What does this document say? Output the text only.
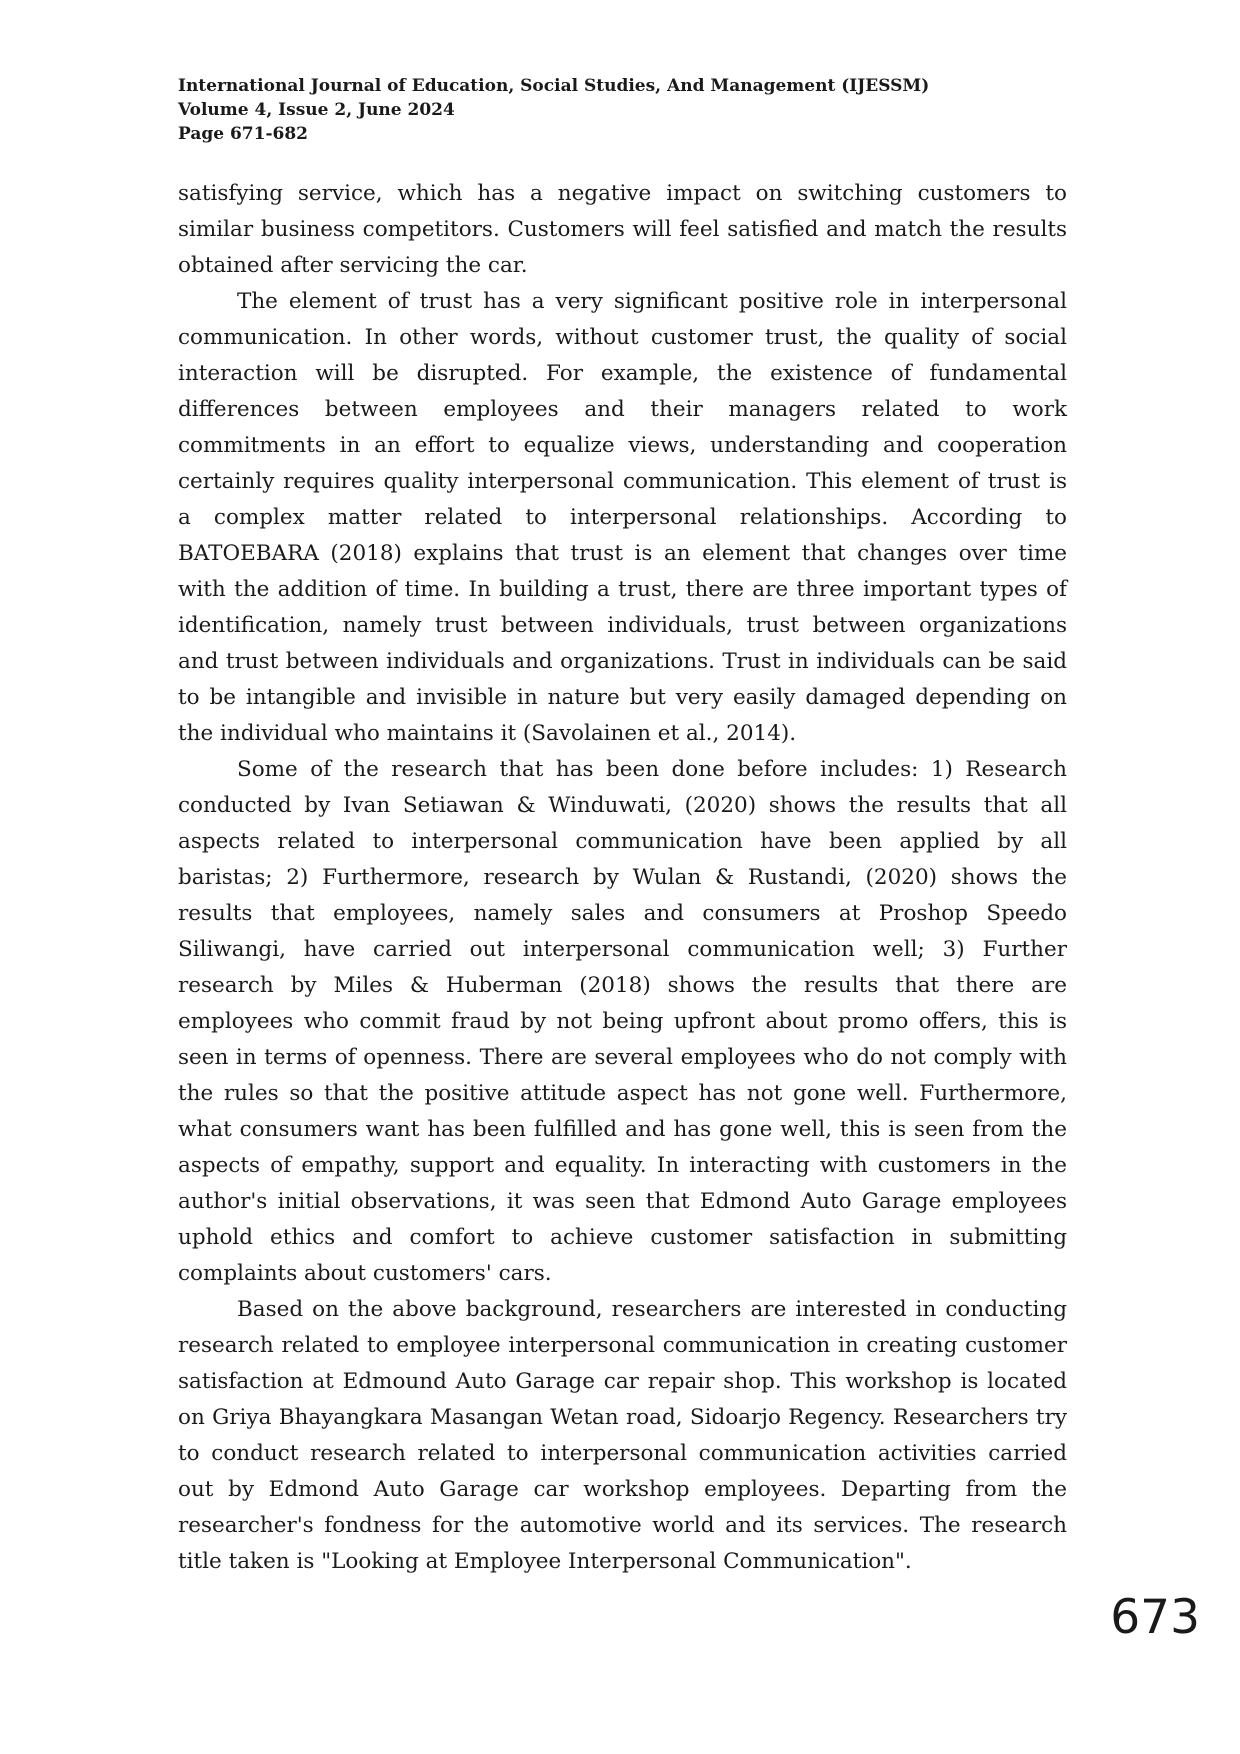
International Journal of Education, Social Studies, And Management (IJESSM)
Volume 4, Issue 2, June 2024
Page 671-682

satisfying service, which has a negative impact on switching customers to similar business competitors. Customers will feel satisfied and match the results obtained after servicing the car.

The element of trust has a very significant positive role in interpersonal communication. In other words, without customer trust, the quality of social interaction will be disrupted. For example, the existence of fundamental differences between employees and their managers related to work commitments in an effort to equalize views, understanding and cooperation certainly requires quality interpersonal communication. This element of trust is a complex matter related to interpersonal relationships. According to BATOEBARA (2018) explains that trust is an element that changes over time with the addition of time. In building a trust, there are three important types of identification, namely trust between individuals, trust between organizations and trust between individuals and organizations. Trust in individuals can be said to be intangible and invisible in nature but very easily damaged depending on the individual who maintains it (Savolainen et al., 2014).

Some of the research that has been done before includes: 1) Research conducted by Ivan Setiawan & Winduwati, (2020) shows the results that all aspects related to interpersonal communication have been applied by all baristas; 2) Furthermore, research by Wulan & Rustandi, (2020) shows the results that employees, namely sales and consumers at Proshop Speedo Siliwangi, have carried out interpersonal communication well; 3) Further research by Miles & Huberman (2018) shows the results that there are employees who commit fraud by not being upfront about promo offers, this is seen in terms of openness. There are several employees who do not comply with the rules so that the positive attitude aspect has not gone well. Furthermore, what consumers want has been fulfilled and has gone well, this is seen from the aspects of empathy, support and equality. In interacting with customers in the author's initial observations, it was seen that Edmond Auto Garage employees uphold ethics and comfort to achieve customer satisfaction in submitting complaints about customers' cars.

Based on the above background, researchers are interested in conducting research related to employee interpersonal communication in creating customer satisfaction at Edmound Auto Garage car repair shop. This workshop is located on Griya Bhayangkara Masangan Wetan road, Sidoarjo Regency. Researchers try to conduct research related to interpersonal communication activities carried out by Edmond Auto Garage car workshop employees. Departing from the researcher's fondness for the automotive world and its services. The research title taken is "Looking at Employee Interpersonal Communication".

673
